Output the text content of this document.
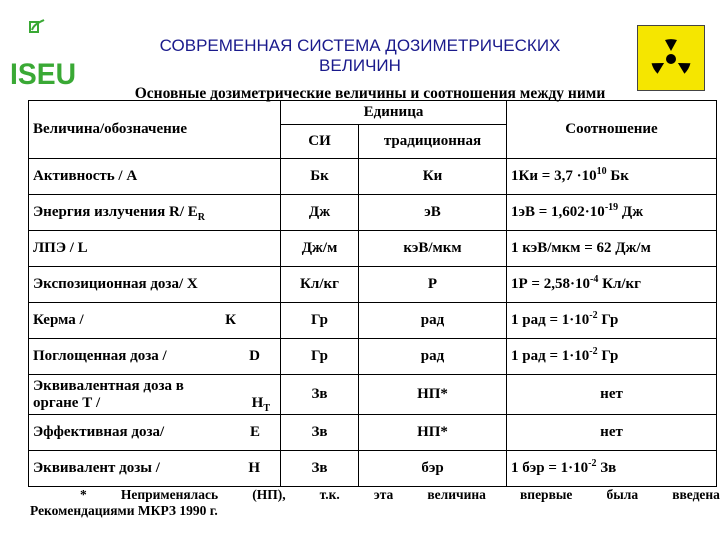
ISEU
СОВРЕМЕННАЯ СИСТЕМА ДОЗИМЕТРИЧЕСКИХ
ВЕЛИЧИН
Основные дозиметрические величины и соотношения между ними
Величина/обозначение	Единица		Соотношение
	СИ	традиционная	
Активность / A	Бк	Ки	$1Ки = 3,7 \cdot 10^{10}$ Бк
Энергия излучения R/ $E_R$	Дж	эВ	$1эВ = 1,602\cdot 10^{-19}$ Дж
ЛПЭ / L	Дж/м	кэВ/мкм	1 кэВ/мкм = 62 Дж/м
Экспозиционная доза/ X	Кл/кг	Р	$1Р = 2,58\cdot 10^{-4}$ Кл/кг

Керма / К	Гр	рад	1 рад = $1\cdot 10^{-2}$ Гр

Поглощенная доза / D	Гр	рад	1 рад = $1\cdot 10^{-2}$ Гр

Эквивалентная доза в
органе Т / $Н_Т$	Зв	НП*	нет

Эффективная доза/ E	Зв	НП*	нет

Эквивалент дозы / Н	Зв	бэр	1 бэр = $1\cdot 10^{-2}$ Зв
*	Неприменялась	(НП),	т.к.	эта	величина	впервые	была	введена
Рекомендациями МКРЗ 1990 г.
